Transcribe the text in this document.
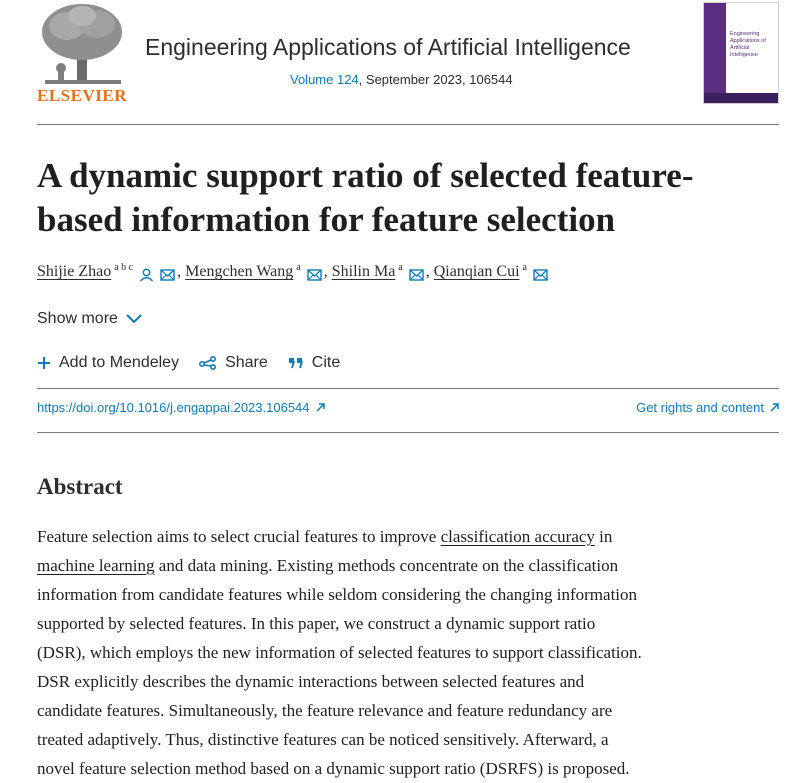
ELSEVIER
Engineering Applications of Artificial Intelligence
Volume 124, September 2023, 106544
Engineering Applications of Artificial Intelligence
A dynamic support ratio of selected feature-based information for feature selection
Shijie Zhao $^{a b c}$	, Mengchen Wang $^a$ , Shilin Ma $^a$ , Qianqian Cui $^a$
Show more
Add to Mendeley	Share	Cite
https://doi.org/10.1016/j.engappai.2023.106544	Get rights and content
Abstract
Feature selection aims to select crucial features to improve classification accuracy in
machine learning and data mining. Existing methods concentrate on the classification
information from candidate features while seldom considering the changing information
supported by selected features. In this paper, we construct a dynamic support ratio
(DSR), which employs the new information of selected features to support classification.
DSR explicitly describes the dynamic interactions between selected features and
candidate features. Simultaneously, the feature relevance and feature redundancy are
treated adaptively. Thus, distinctive features can be noticed sensitively. Afterward, a
novel feature selection method based on a dynamic support ratio (DSRFS) is proposed.
